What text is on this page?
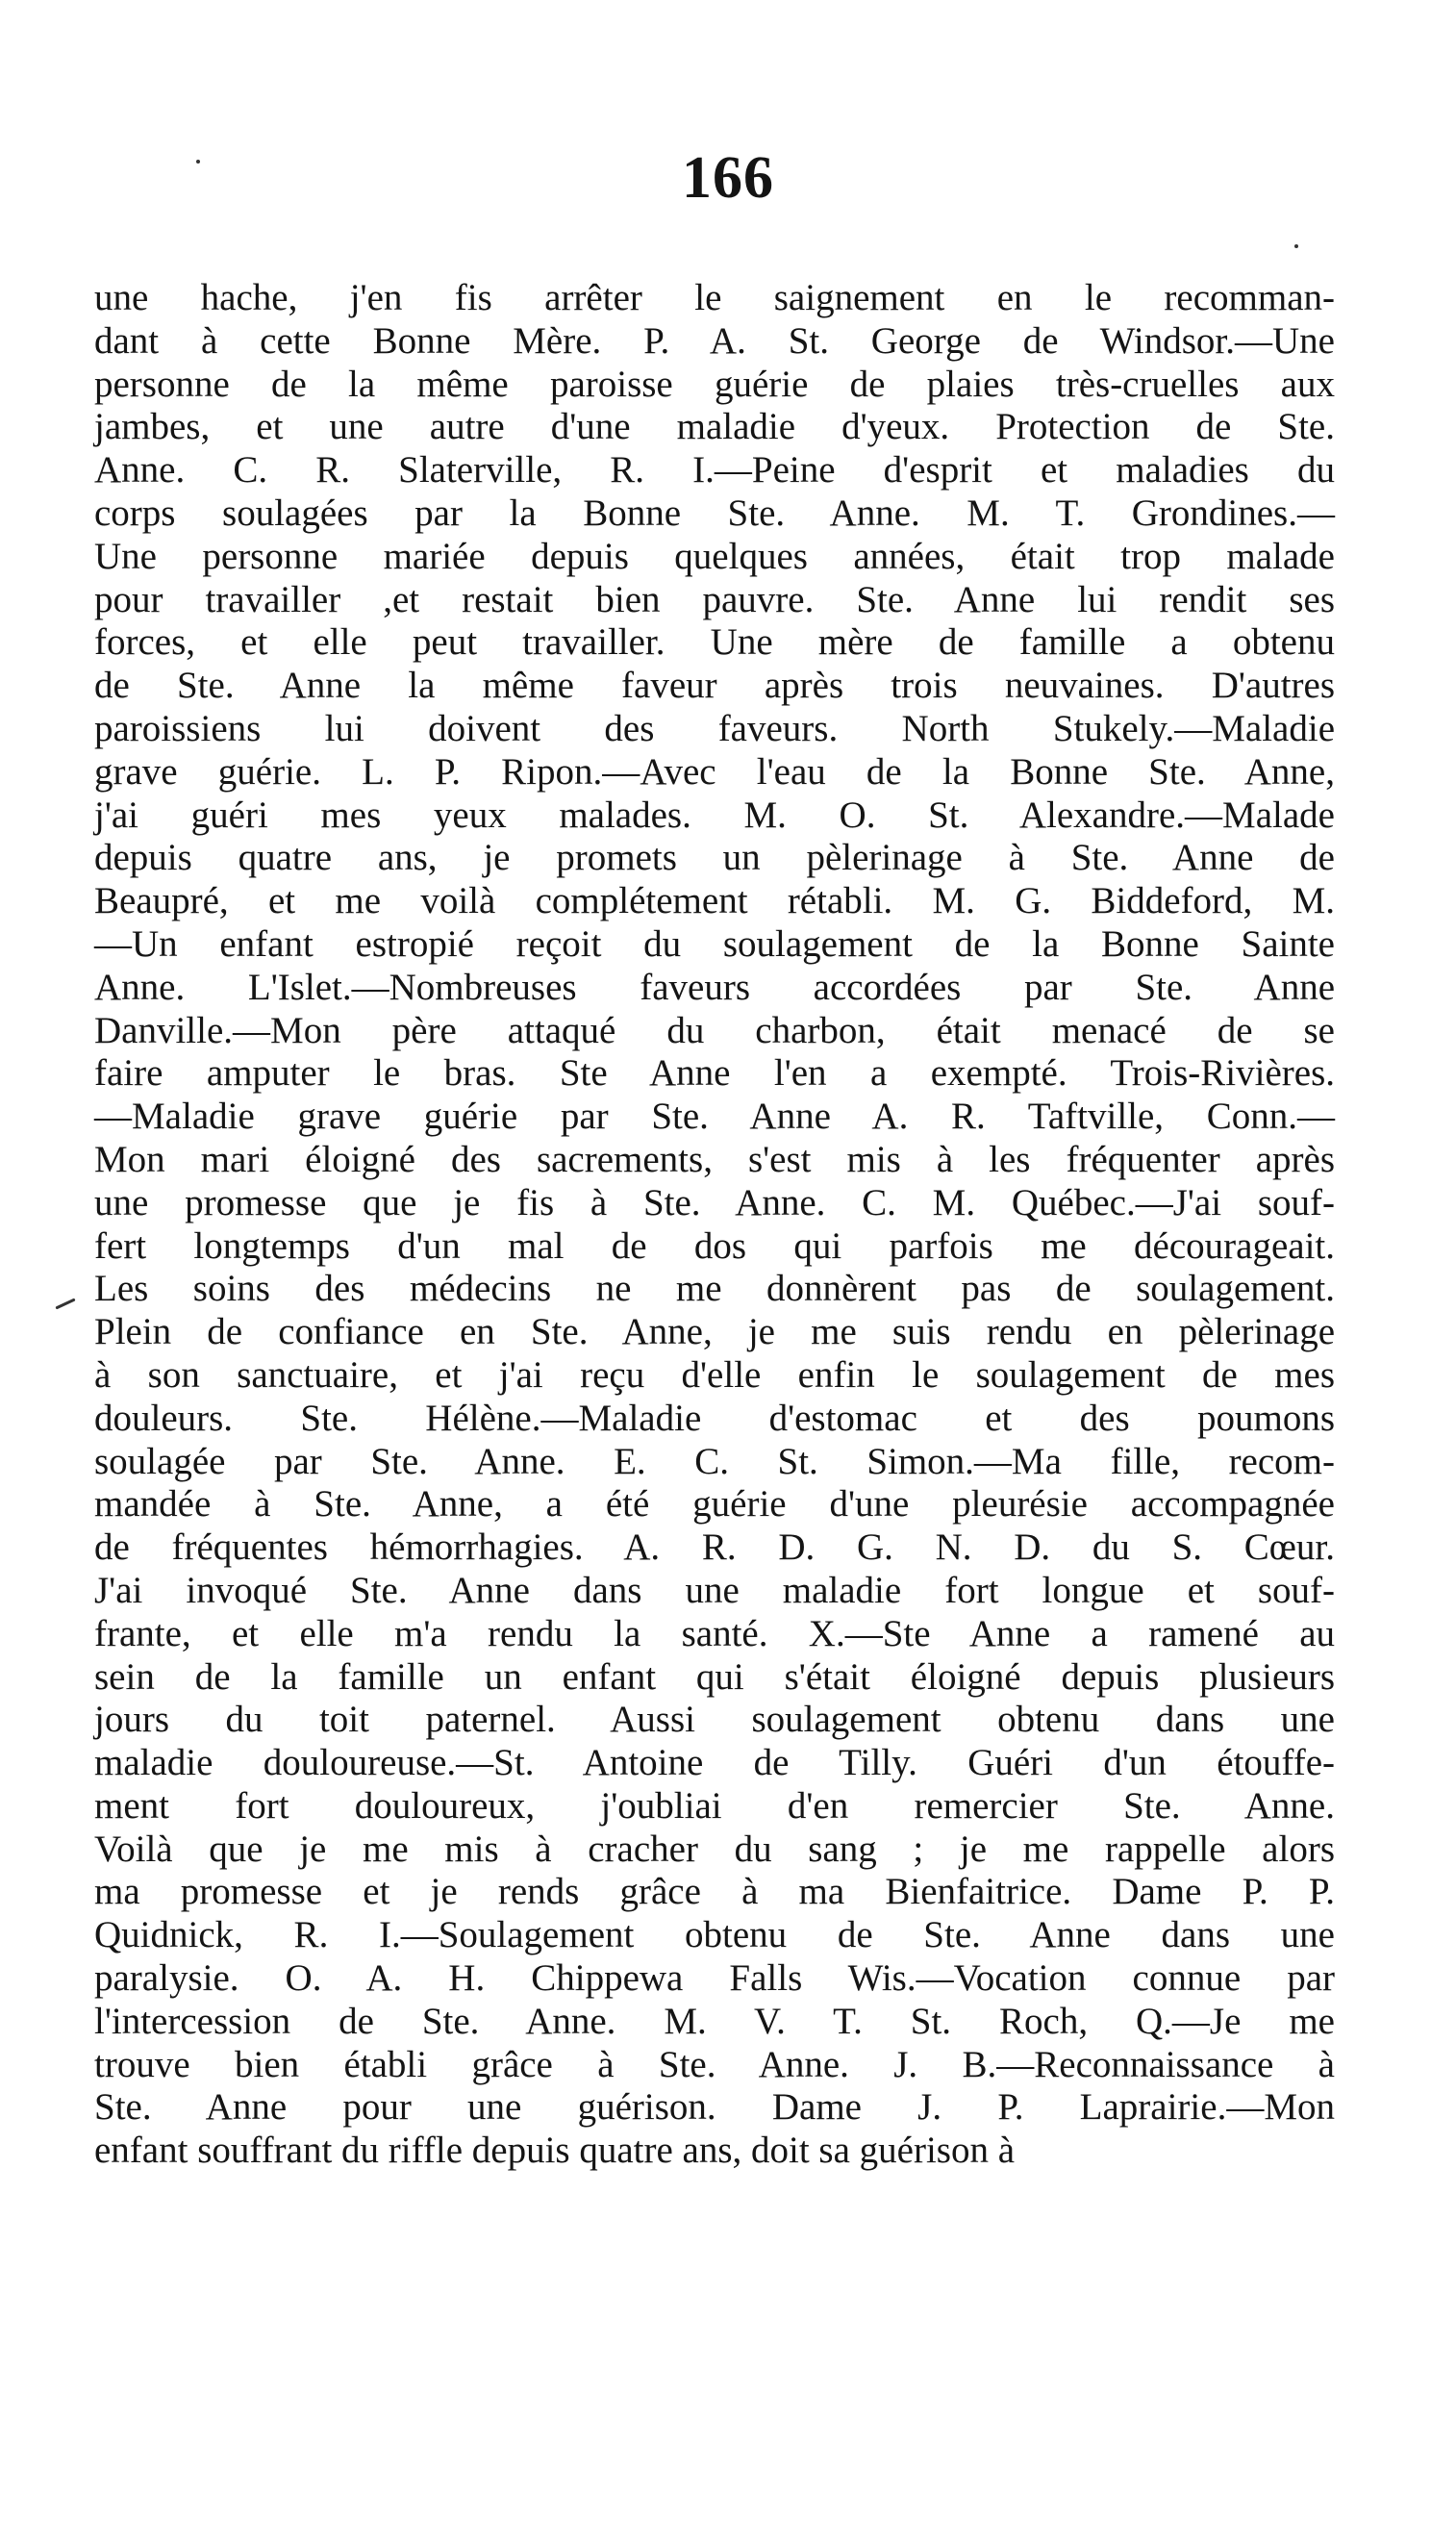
166
une hache, j'en fis arrêter le saignement en le recomman-
dant à cette Bonne Mère. P. A. St. George de Windsor.—Une
personne de la même paroisse guérie de plaies très-cruelles aux
jambes, et une autre d'une maladie d'yeux. Protection de Ste.
Anne. C. R. Slaterville, R. I.—Peine d'esprit et maladies du
corps soulagées par la Bonne Ste. Anne. M. T. Grondines.—
Une personne mariée depuis quelques années, était trop malade
pour travailler ,et restait bien pauvre. Ste. Anne lui rendit ses
forces, et elle peut travailler. Une mère de famille a obtenu
de Ste. Anne la même faveur après trois neuvaines. D'autres
paroissiens lui doivent des faveurs. North Stukely.—Maladie
grave guérie. L. P. Ripon.—Avec l'eau de la Bonne Ste. Anne,
j'ai guéri mes yeux malades. M. O. St. Alexandre.—Malade
depuis quatre ans, je promets un pèlerinage à Ste. Anne de
Beaupré, et me voilà complétement rétabli. M. G. Biddeford, M.
—Un enfant estropié reçoit du soulagement de la Bonne Sainte
Anne. L'Islet.—Nombreuses faveurs accordées par Ste. Anne
Danville.—Mon père attaqué du charbon, était menacé de se
faire amputer le bras. Ste Anne l'en a exempté. Trois-Rivières.
—Maladie grave guérie par Ste. Anne A. R. Taftville, Conn.—
Mon mari éloigné des sacrements, s'est mis à les fréquenter après
une promesse que je fis à Ste. Anne. C. M. Québec.—J'ai souf-
fert longtemps d'un mal de dos qui parfois me décourageait.
Les soins des médecins ne me donnèrent pas de soulagement.
Plein de confiance en Ste. Anne, je me suis rendu en pèlerinage
à son sanctuaire, et j'ai reçu d'elle enfin le soulagement de mes
douleurs. Ste. Hélène.—Maladie d'estomac et des poumons
soulagée par Ste. Anne. E. C. St. Simon.—Ma fille, recom-
mandée à Ste. Anne, a été guérie d'une pleurésie accompagnée
de fréquentes hémorrhagies. A. R. D. G. N. D. du S. Cœur.
J'ai invoqué Ste. Anne dans une maladie fort longue et souf-
frante, et elle m'a rendu la santé. X.—Ste Anne a ramené au
sein de la famille un enfant qui s'était éloigné depuis plusieurs
jours du toit paternel. Aussi soulagement obtenu dans une
maladie douloureuse.—St. Antoine de Tilly. Guéri d'un étouffe-
ment fort douloureux, j'oubliai d'en remercier Ste. Anne.
Voilà que je me mis à cracher du sang ; je me rappelle alors
ma promesse et je rends grâce à ma Bienfaitrice. Dame P. P.
Quidnick, R. I.—Soulagement obtenu de Ste. Anne dans une
paralysie. O. A. H. Chippewa Falls Wis.—Vocation connue par
l'intercession de Ste. Anne. M. V. T. St. Roch, Q.—Je me
trouve bien établi grâce à Ste. Anne. J. B.—Reconnaissance à
Ste. Anne pour une guérison. Dame J. P. Laprairie.—Mon
enfant souffrant du riffle depuis quatre ans, doit sa guérison à
